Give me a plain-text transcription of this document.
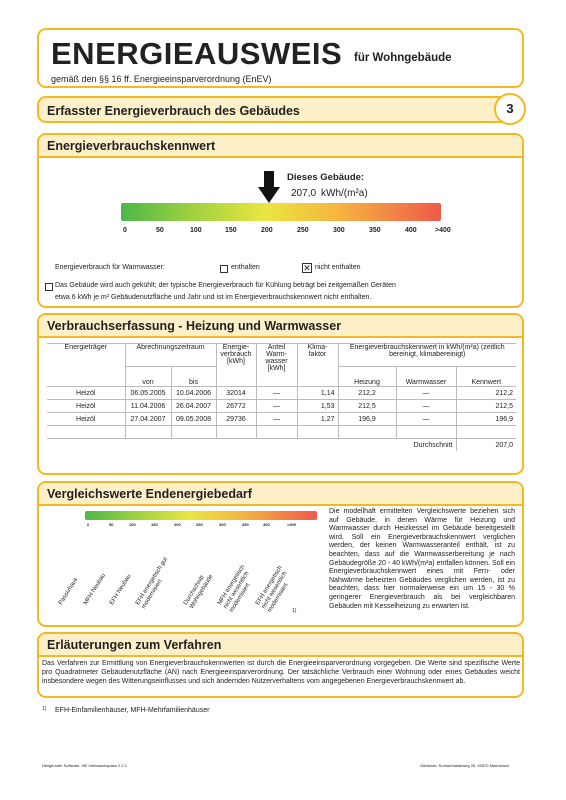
ENERGIEAUSWEIS für Wohngebäude
gemäß den §§ 16 ff. Energieeinsparverordnung (EnEV)
Erfasster Energieverbrauch des Gebäudes	3
Energieverbrauchskennwert
Dieses Gebäude:
207,0 kWh/(m²a)
0	50	100	150	200	250	300	350	400	>400
Energieverbrauch für Warmwasser:	enthalten	✕ nicht enthalten
Das Gebäude wird auch gekühlt; der typische Energieverbrauch für Kühlung beträgt bei zeitgemäßen Geräten
etwa 6 kWh je m² Gebäudenutzfläche und Jahr und ist im Energieverbrauchskennwert nicht enthalten.
Verbrauchserfassung - Heizung und Warmwasser
Energieträger	Abrechnungszeitraum		Energie-verbrauch [kWh]	Anteil Warm-wasser [kWh]	Klima-faktor	Energieverbrauchskennwert in kWh/(m²a) (zeitlich bereinigt, klimabereinigt)		
	von	bis				Heizung	Warmwasser	Kennwert
Heizöl	06.05.2005	10.04.2006	32014	—	1,14	212,2	—	212,2
Heizöl	11.04.2006	26.04.2007	26772	—	1,53	212,5	—	212,5
Heizöl	27.04.2007	09.05.2008	29736	—	1,27	196,9	—	196,9

Durchschnitt								207,0
Vergleichswerte Endenergiebedarf
0	50	100	150	200	250	300	350	400	>400
Passivhaus MFH Neubau EFH Neubau EFH energetisch gut modernisiert	Durchschnitt Wohngebäude MFH energetisch nicht wesentlich modernisiert EFH energetisch nicht wesentlich modernisiert 1)
Die modellhaft ermittelten Vergleichswerte beziehen sich auf Gebäude, in denen Wärme für Heizung und Warmwasser durch Heizkessel im Gebäude bereitgestellt wird. Soll ein Energieverbrauchskennwert verglichen werden, der keinen Warmwasseranteil enthält, ist zu beachten, dass auf die Warmwasserbereitung je nach Gebäudegröße 20 - 40 kWh/(m²a) entfallen können. Soll ein Energieverbrauchskennwert eines mit Fern- oder Nahwärme beheizten Gebäudes verglichen werden, ist zu beachten, dass hier normalerweise ein um 15 - 30 % geringerer Energieverbrauch als bei vergleichbaren Gebäuden mit Kesselheizung zu erwarten ist.
Erläuterungen zum Verfahren
Das Verfahren zur Ermittlung von Energieverbrauchskennwerten ist durch die Energieeinsparverordnung vorgegeben. Die Werte sind spezifische Werte pro Quadratmeter Gebäudenutzfläche (AN) nach Energieeinsparverordnung. Der tatsächliche Verbrauch einer Wohnung oder eines Gebäudes weicht insbesondere wegen des Witterungseinflusses und sich ändernden Nutzerverhaltens vom angegebenen Energieverbrauchskennwert ab.
1) EFH-Einfamilienhäuser, MFH-Mehrfamilienhäuser
Heilgenroth Software, HE Verbrauchspass 2.2.1	Gebäude: Sonnenhaldeweg 26, 40670 Meerbusch
